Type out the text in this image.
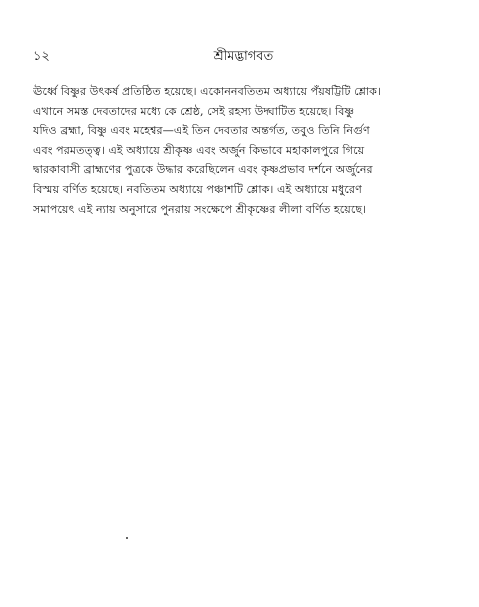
১২	শ্রীমদ্ভাগবত
ঊর্ধ্বে বিষ্ণুর উৎকর্ষ প্রতিষ্ঠিত হয়েছে। একোননবতিতম অধ্যায়ে পঁয়ষট্টিটি শ্লোক।
এখানে সমস্ত দেবতাদের মধ্যে কে শ্রেষ্ঠ, সেই রহস্য উদ্ঘাটিত হয়েছে। বিষ্ণু
যদিও ব্রহ্মা, বিষ্ণু এবং মহেশ্বর—এই তিন দেবতার অন্তর্গত, তবুও তিনি নির্গুণ
এবং পরমতত্ত্ব। এই অধ্যায়ে শ্রীকৃষ্ণ এবং অর্জুন কিভাবে মহাকালপুরে গিয়ে
দ্বারকাবাসী ব্রাহ্মণের পুত্রকে উদ্ধার করেছিলেন এবং কৃষ্ণপ্রভাব দর্শনে অর্জুনের
বিস্ময় বর্ণিত হয়েছে। নবতিতম অধ্যায়ে পঞ্চাশটি শ্লোক। এই অধ্যায়ে মধুরেণ
সমাপয়েৎ এই ন্যায় অনুসারে পুনরায় সংক্ষেপে শ্রীকৃষ্ণের লীলা বর্ণিত হয়েছে।
